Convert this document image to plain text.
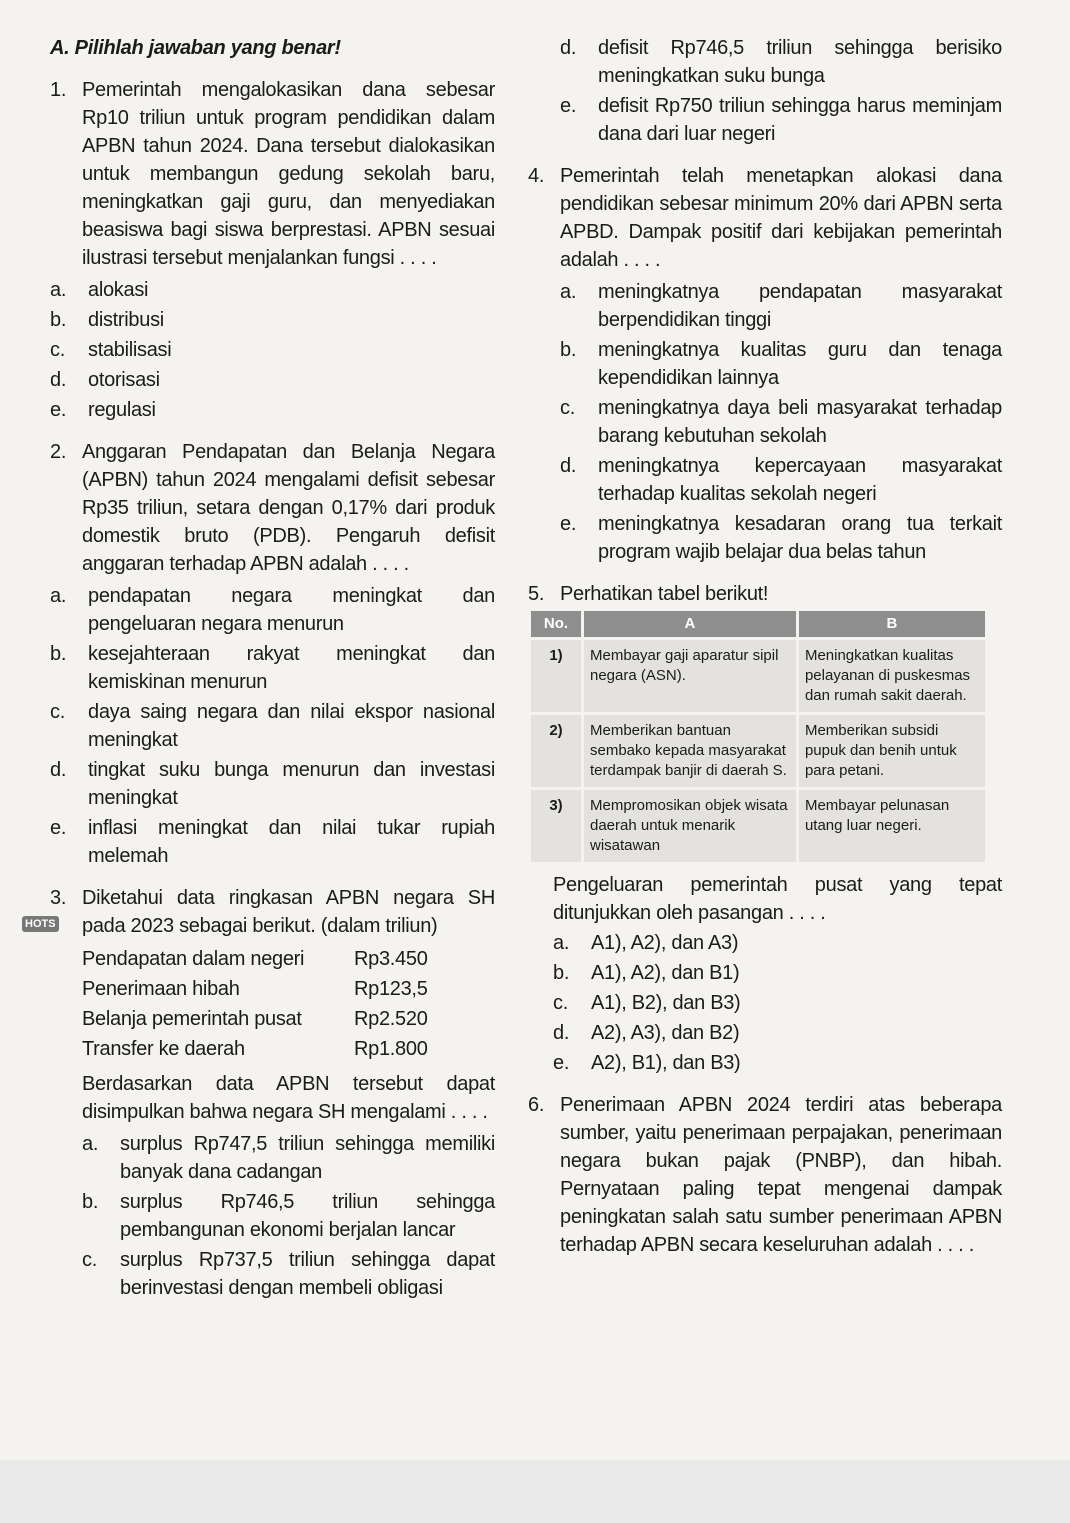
A. Pilihlah jawaban yang benar!
1. Pemerintah mengalokasikan dana sebesar Rp10 triliun untuk program pendidikan dalam APBN tahun 2024. Dana tersebut dialokasikan untuk membangun gedung sekolah baru, meningkatkan gaji guru, dan menyediakan beasiswa bagi siswa berprestasi. APBN sesuai ilustrasi tersebut menjalankan fungsi . . . .
a. alokasi
b. distribusi
c. stabilisasi
d. otorisasi
e. regulasi
2. Anggaran Pendapatan dan Belanja Negara (APBN) tahun 2024 mengalami defisit sebesar Rp35 triliun, setara dengan 0,17% dari produk domestik bruto (PDB). Pengaruh defisit anggaran terhadap APBN adalah . . . .
a. pendapatan negara meningkat dan pengeluaran negara menurun
b. kesejahteraan rakyat meningkat dan kemiskinan menurun
c. daya saing negara dan nilai ekspor nasional meningkat
d. tingkat suku bunga menurun dan investasi meningkat
e. inflasi meningkat dan nilai tukar rupiah melemah
3.
HOTS
Diketahui data ringkasan APBN negara SH pada 2023 sebagai berikut. (dalam triliun)
Pendapatan dalam negeri	Rp3.450
Penerimaan hibah	Rp123,5
Belanja pemerintah pusat	Rp2.520
Transfer ke daerah	Rp1.800
Berdasarkan data APBN tersebut dapat disimpulkan bahwa negara SH mengalami . . . .
a. surplus Rp747,5 triliun sehingga memiliki banyak dana cadangan
b. surplus Rp746,5 triliun sehingga pembangunan ekonomi berjalan lancar
c. surplus Rp737,5 triliun sehingga dapat berinvestasi dengan membeli obligasi
d. defisit Rp746,5 triliun sehingga berisiko meningkatkan suku bunga
e. defisit Rp750 triliun sehingga harus meminjam dana dari luar negeri
4. Pemerintah telah menetapkan alokasi dana pendidikan sebesar minimum 20% dari APBN serta APBD. Dampak positif dari kebijakan pemerintah adalah . . . .
a. meningkatnya pendapatan masyarakat berpendidikan tinggi
b. meningkatnya kualitas guru dan tenaga kependidikan lainnya
c. meningkatnya daya beli masyarakat terhadap barang kebutuhan sekolah
d. meningkatnya kepercayaan masyarakat terhadap kualitas sekolah negeri
e. meningkatnya kesadaran orang tua terkait program wajib belajar dua belas tahun
5. Perhatikan tabel berikut!
No.	A	B
1)	Membayar gaji aparatur sipil negara (ASN).	Meningkatkan kualitas pelayanan di puskesmas dan rumah sakit daerah.
2)	Memberikan bantuan sembako kepada masyarakat terdampak banjir di daerah S.	Memberikan subsidi pupuk dan benih untuk para petani.
3)	Mempromosikan objek wisata daerah untuk menarik wisatawan	Membayar pelunasan utang luar negeri.
Pengeluaran pemerintah pusat yang tepat ditunjukkan oleh pasangan . . . .
a. A1), A2), dan A3)
b. A1), A2), dan B1)
c. A1), B2), dan B3)
d. A2), A3), dan B2)
e. A2), B1), dan B3)
6. Penerimaan APBN 2024 terdiri atas beberapa sumber, yaitu penerimaan perpajakan, penerimaan negara bukan pajak (PNBP), dan hibah. Pernyataan paling tepat mengenai dampak peningkatan salah satu sumber penerimaan APBN terhadap APBN secara keseluruhan adalah . . . .
